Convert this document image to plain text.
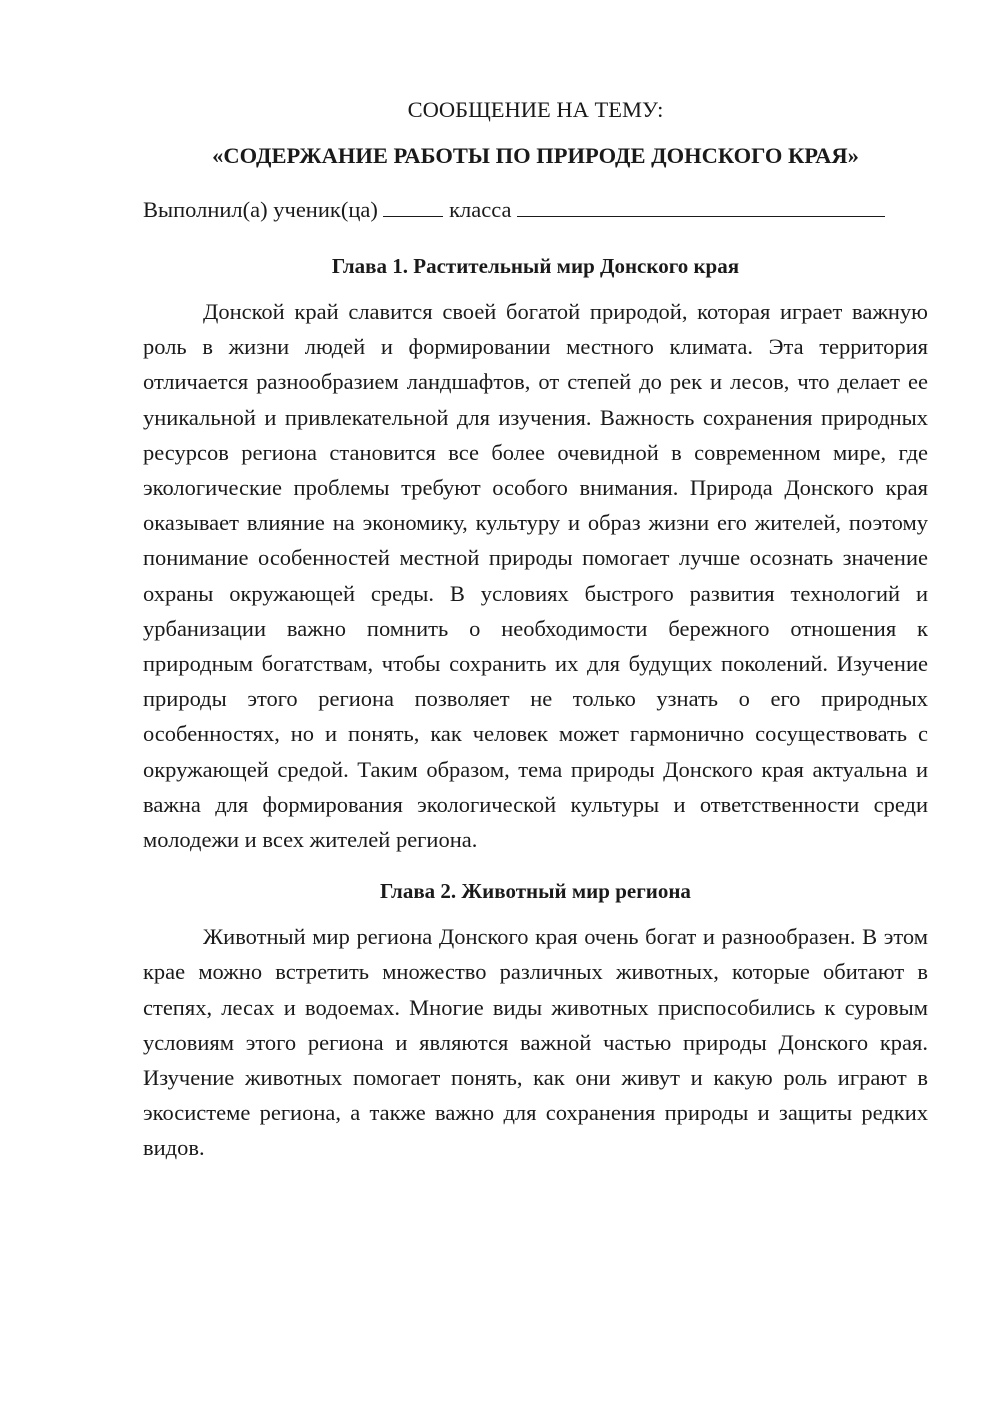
СООБЩЕНИЕ НА ТЕМУ:

«СОДЕРЖАНИЕ РАБОТЫ ПО ПРИРОДЕ ДОНСКОГО КРАЯ»

Выполнил(а) ученик(ца)	класса

Глава 1. Растительный мир Донского края

Донской край славится своей богатой природой, которая играет важную роль в жизни людей и формировании местного климата. Эта территория отличается разнообразием ландшафтов, от степей до рек и лесов, что делает ее уникальной и привлекательной для изучения. Важность сохранения природных ресурсов региона становится все более очевидной в современном мире, где экологические проблемы требуют особого внимания. Природа Донского края оказывает влияние на экономику, культуру и образ жизни его жителей, поэтому понимание особенностей местной природы помогает лучше осознать значение охраны окружающей среды. В условиях быстрого развития технологий и урбанизации важно помнить о необходимости бережного отношения к природным богатствам, чтобы сохранить их для будущих поколений. Изучение природы этого региона позволяет не только узнать о его природных особенностях, но и понять, как человек может гармонично сосуществовать с окружающей средой. Таким образом, тема природы Донского края актуальна и важна для формирования экологической культуры и ответственности среди молодежи и всех жителей региона.

Глава 2. Животный мир региона

Животный мир региона Донского края очень богат и разнообразен. В этом крае можно встретить множество различных животных, которые обитают в степях, лесах и водоемах. Многие виды животных приспособились к суровым условиям этого региона и являются важной частью природы Донского края. Изучение животных помогает понять, как они живут и какую роль играют в экосистеме региона, а также важно для сохранения природы и защиты редких видов.
